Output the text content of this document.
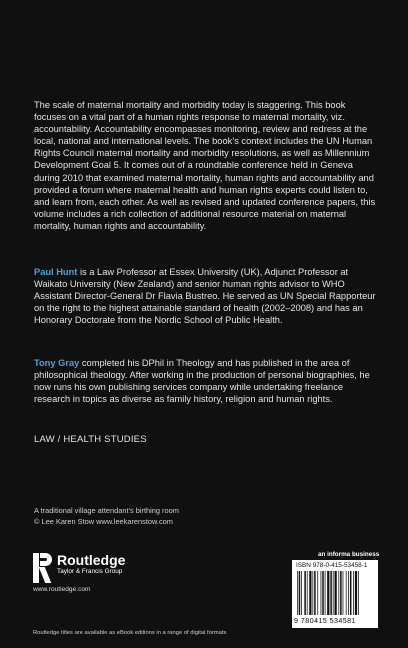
The scale of maternal mortality and morbidity today is staggering. This book focuses on a vital part of a human rights response to maternal mortality, viz. accountability. Accountability encompasses monitoring, review and redress at the local, national and international levels. The book’s context includes the UN Human Rights Council maternal mortality and morbidity resolutions, as well as Millennium Development Goal 5. It comes out of a roundtable conference held in Geneva during 2010 that examined maternal mortality, human rights and accountability and provided a forum where maternal health and human rights experts could listen to, and learn from, each other. As well as revised and updated conference papers, this volume includes a rich collection of additional resource material on maternal mortality, human rights and accountability.
Paul Hunt is a Law Professor at Essex University (UK), Adjunct Professor at Waikato University (New Zealand) and senior human rights advisor to WHO Assistant Director-General Dr Flavia Bustreo. He served as UN Special Rapporteur on the right to the highest attainable standard of health (2002–2008) and has an Honorary Doctorate from the Nordic School of Public Health.
Tony Gray completed his DPhil in Theology and has published in the area of philosophical theology. After working in the production of personal biographies, he now runs his own publishing services company while undertaking freelance research in topics as diverse as family history, religion and human rights.
LAW / HEALTH STUDIES
A traditional village attendant’s birthing room
© Lee Karen Stow www.leekarenstow.com
Routledge
Taylor & Francis Group
www.routledge.com
Routledge titles are available as eBook editions in a range of digital formats
an informa business
ISBN 978-0-415-53458-1
9 780415 534581
